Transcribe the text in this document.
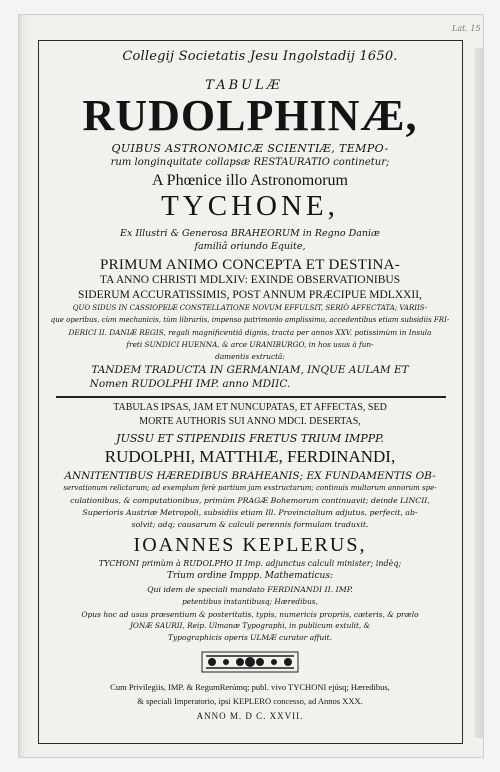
Lat. 15
Collegij Societatis Jesu Ingolstadij 1650.
TABULÆ
RUDOLPHINÆ,
QUIBUS ASTRONOMICÆ SCIENTIÆ, TEMPO-
rum longinquitate collapsæ RESTAURATIO continetur;
A Phœnice illo Astronomorum
TYCHONE,
Ex Illustri & Generosa BRAHEORUM in Regno Daniæ
familiâ oriundo Equite,
PRIMUM ANIMO CONCEPTA ET DESTINA-
TA ANNO CHRISTI MDLXIV: EXINDE OBSERVATIONIBUS
SIDERUM ACCURATISSIMIS, POST ANNUM PRÆCIPUE MDLXXII,
QUO SIDUS IN CASSIOPEIÆ CONSTELLATIONE NOVUM EFFULSIT, SERIÒ AFFECTATA; VARIIS-
que operibus, cùm mechanicis, tùm librariis, impenso patrimonio amplissimo, accedentibus etiam subsidiis FRI-
DERICI II. DANIÆ REGIS, regali magnificentiâ dignis, tracta per annos XXV. potissimùm in Insula
freti SUNDICI HUENNA, & arce URANIBURGO, in hos usus à fun-
damentis extructâ:
TANDEM TRADUCTA IN GERMANIAM, INQUE AULAM ET
Nomen RUDOLPHI IMP. anno MDIIC.
TABULAS IPSAS, JAM ET NUNCUPATAS, ET AFFECTAS, SED
MORTE AUTHORIS SUI ANNO MDCI. DESERTAS,
JUSSU ET STIPENDIIS FRETUS TRIUM IMPPP.
RUDOLPHI, MATTHIÆ, FERDINANDI,
ANNITENTIBUS HÆREDIBUS BRAHEANIS; EX FUNDAMENTIS OB-
servationum relictarum; ad exemplum ferè partium jam exstructarum; continuis multorum annorum spe-
culationibus, & computationibus, primùm PRAGÆ Bohemorum continuavit; deinde LINCII,
Superioris Austriæ Metropoli, subsidiis etiam Ill. Provincialium adjutus, perfecit, ab-
solvit; adq; causarum & calculi perennis formulam traduxit.
IOANNES KEPLERUS,
TYCHONI primùm à RUDOLPHO II Imp. adjunctus calculi minister; indèq;
Trium ordine Imppp. Mathematicus:
Qui idem de speciali mandato FERDINANDI II. IMP.
petentibus instantibusq; Hæredibus,
Opus hoc ad usus præsentium & posteritatis, typis, numericis propriis, cæteris, & prælo
JONÆ SAURII, Reip. Ulmanæ Typographi, in publicum extulit, &
Typographicis operis ULMÆ curator affuit.
Cum Privilegiis, IMP. & RegumRerúmq; publ. vivo TYCHONI ejúsq; Hæredibus,
& speciali Imperatorio, ipsi KEPLERO concesso, ad Annos XXX.
ANNO M. D C. XXVII.
